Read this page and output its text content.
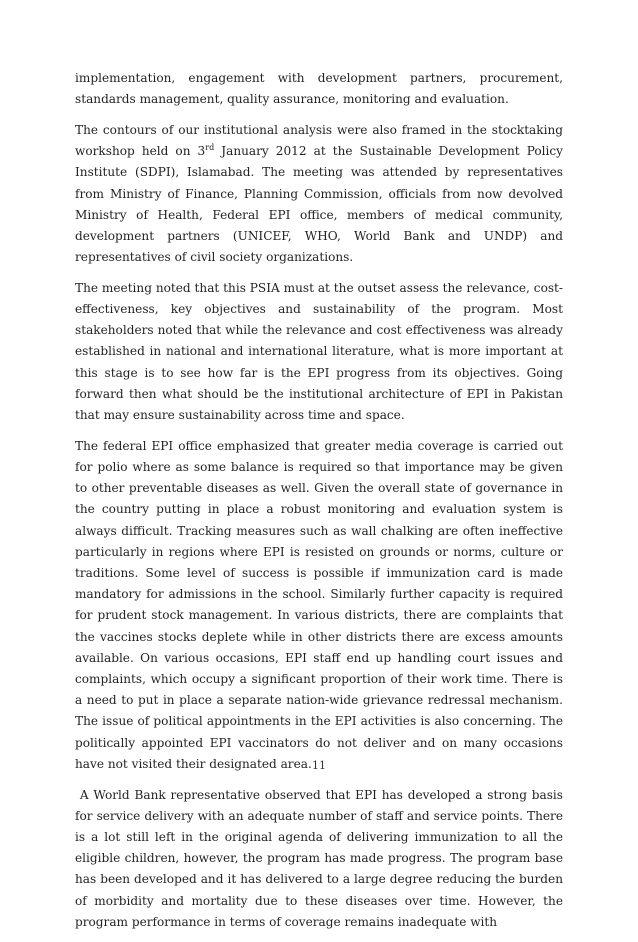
implementation, engagement with development partners, procurement, standards management, quality assurance, monitoring and evaluation.

The contours of our institutional analysis were also framed in the stocktaking workshop held on 3rd January 2012 at the Sustainable Development Policy Institute (SDPI), Islamabad. The meeting was attended by representatives from Ministry of Finance, Planning Commission, officials from now devolved Ministry of Health, Federal EPI office, members of medical community, development partners (UNICEF, WHO, World Bank and UNDP) and representatives of civil society organizations.

The meeting noted that this PSIA must at the outset assess the relevance, cost-effectiveness, key objectives and sustainability of the program. Most stakeholders noted that while the relevance and cost effectiveness was already established in national and international literature, what is more important at this stage is to see how far is the EPI progress from its objectives. Going forward then what should be the institutional architecture of EPI in Pakistan that may ensure sustainability across time and space.

The federal EPI office emphasized that greater media coverage is carried out for polio where as some balance is required so that importance may be given to other preventable diseases as well. Given the overall state of governance in the country putting in place a robust monitoring and evaluation system is always difficult. Tracking measures such as wall chalking are often ineffective particularly in regions where EPI is resisted on grounds or norms, culture or traditions. Some level of success is possible if immunization card is made mandatory for admissions in the school. Similarly further capacity is required for prudent stock management. In various districts, there are complaints that the vaccines stocks deplete while in other districts there are excess amounts available. On various occasions, EPI staff end up handling court issues and complaints, which occupy a significant proportion of their work time. There is a need to put in place a separate nation-wide grievance redressal mechanism. The issue of political appointments in the EPI activities is also concerning. The politically appointed EPI vaccinators do not deliver and on many occasions have not visited their designated area.

A World Bank representative observed that EPI has developed a strong basis for service delivery with an adequate number of staff and service points. There is a lot still left in the original agenda of delivering immunization to all the eligible children, however, the program has made progress. The program base has been developed and it has delivered to a large degree reducing the burden of morbidity and mortality due to these diseases over time. However, the program performance in terms of coverage remains inadequate with

11
